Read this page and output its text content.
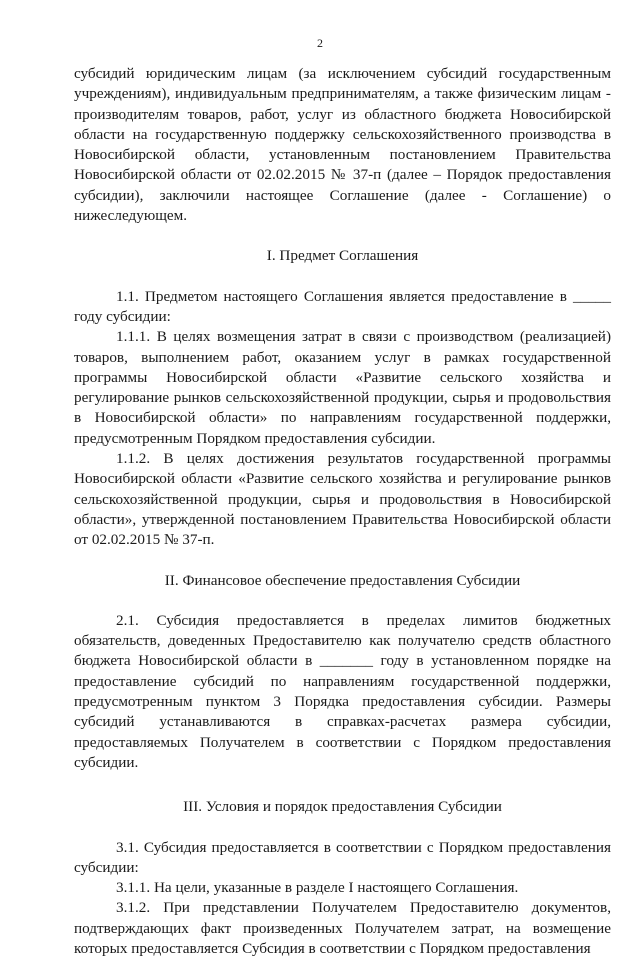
2

субсидий юридическим лицам (за исключением субсидий государственным учреждениям), индивидуальным предпринимателям, а также физическим лицам - производителям товаров, работ, услуг из областного бюджета Новосибирской области на государственную поддержку сельскохозяйственного производства в Новосибирской области, установленным постановлением Правительства Новосибирской области от 02.02.2015 № 37-п (далее – Порядок предоставления субсидии), заключили настоящее Соглашение (далее - Соглашение) о нижеследующем.

I. Предмет Соглашения

1.1. Предметом настоящего Соглашения является предоставление в _____ году субсидии:

1.1.1. В целях возмещения затрат в связи с производством (реализацией) товаров, выполнением работ, оказанием услуг в рамках государственной программы Новосибирской области «Развитие сельского хозяйства и регулирование рынков сельскохозяйственной продукции, сырья и продовольствия в Новосибирской области» по направлениям государственной поддержки, предусмотренным Порядком предоставления субсидии.

1.1.2. В целях достижения результатов государственной программы Новосибирской области «Развитие сельского хозяйства и регулирование рынков сельскохозяйственной продукции, сырья и продовольствия в Новосибирской области», утвержденной постановлением Правительства Новосибирской области от 02.02.2015 № 37-п.

II. Финансовое обеспечение предоставления Субсидии

2.1. Субсидия предоставляется в пределах лимитов бюджетных обязательств, доведенных Предоставителю как получателю средств областного бюджета Новосибирской области в _______ году в установленном порядке на предоставление субсидий по направлениям государственной поддержки, предусмотренным пунктом 3 Порядка предоставления субсидии. Размеры субсидий устанавливаются в справках-расчетах размера субсидии, предоставляемых Получателем в соответствии с Порядком предоставления субсидии.

III. Условия и порядок предоставления Субсидии

3.1. Субсидия предоставляется в соответствии с Порядком предоставления субсидии:

3.1.1. На цели, указанные в разделе I настоящего Соглашения.

3.1.2. При представлении Получателем Предоставителю документов, подтверждающих факт произведенных Получателем затрат, на возмещение которых предоставляется Субсидия в соответствии с Порядком предоставления
